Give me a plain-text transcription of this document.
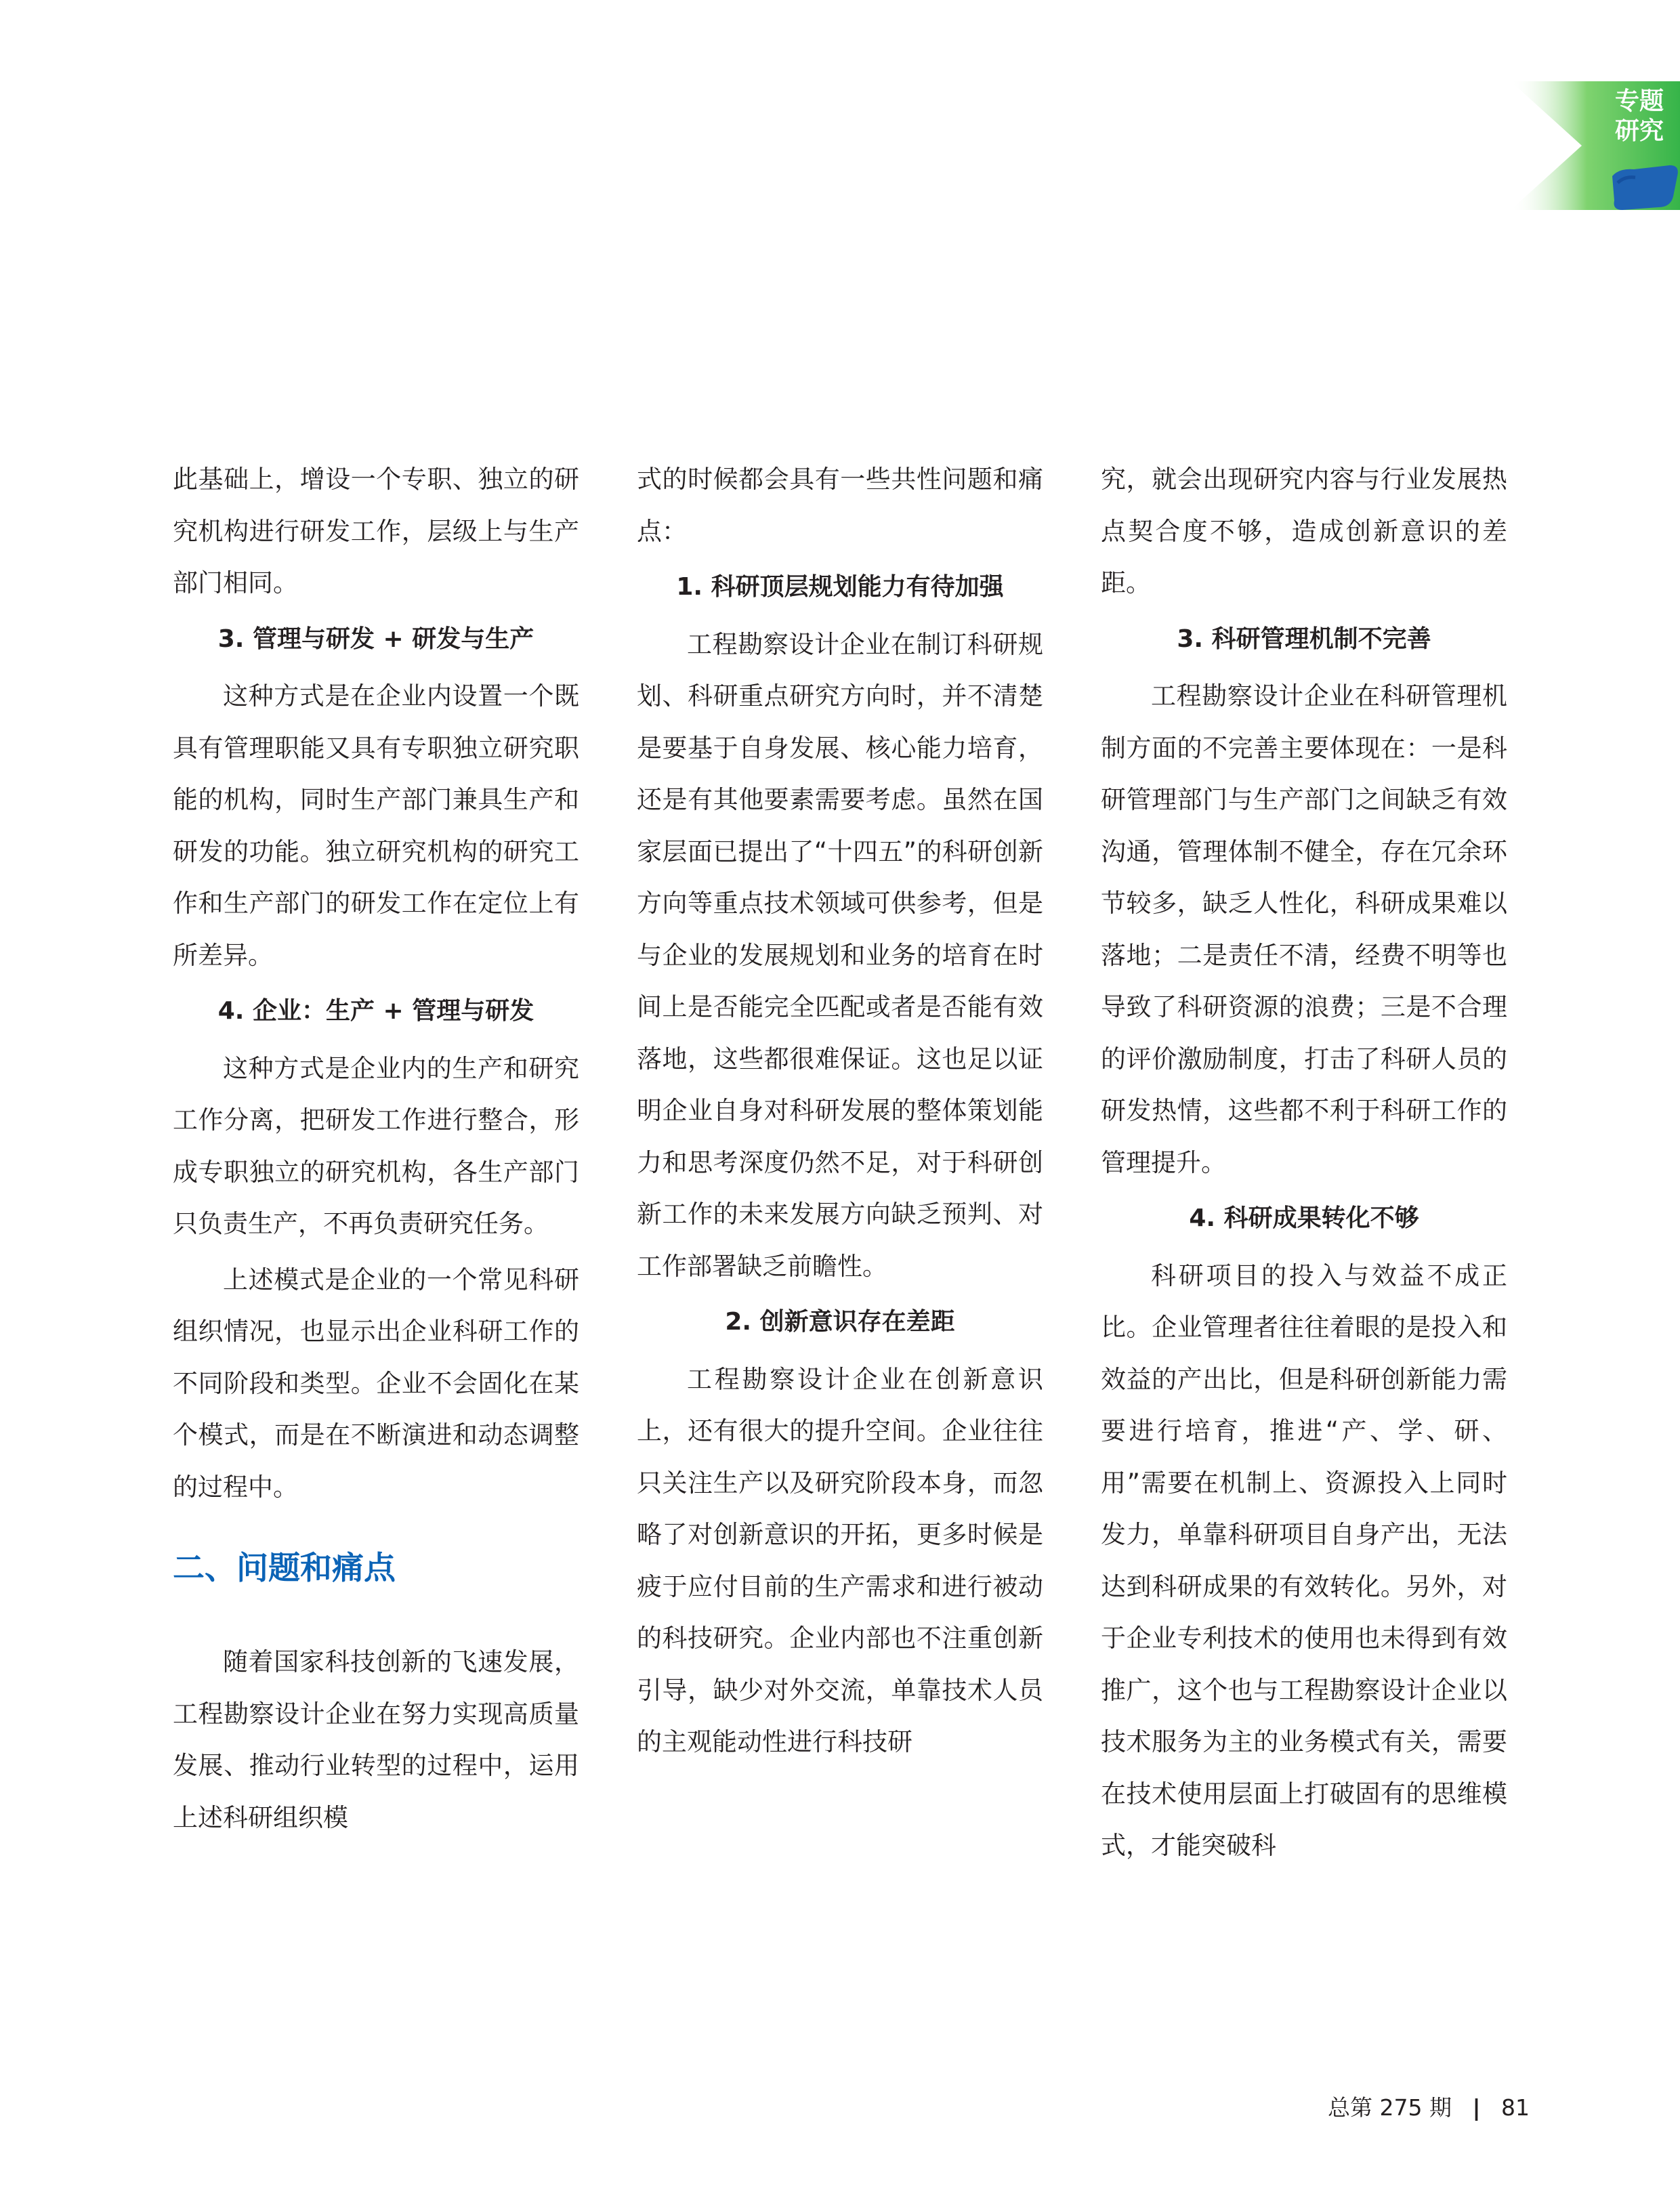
专题
研究

此基础上，增设一个专职、独立的研究机构进行研发工作，层级上与生产部门相同。

3. 管理与研发 + 研发与生产

这种方式是在企业内设置一个既具有管理职能又具有专职独立研究职能的机构，同时生产部门兼具生产和研发的功能。独立研究机构的研究工作和生产部门的研发工作在定位上有所差异。

4. 企业：生产 + 管理与研发

这种方式是企业内的生产和研究工作分离，把研发工作进行整合，形成专职独立的研究机构，各生产部门只负责生产，不再负责研究任务。

上述模式是企业的一个常见科研组织情况，也显示出企业科研工作的不同阶段和类型。企业不会固化在某个模式，而是在不断演进和动态调整的过程中。

二、问题和痛点

随着国家科技创新的飞速发展，工程勘察设计企业在努力实现高质量发展、推动行业转型的过程中，运用上述科研组织模

式的时候都会具有一些共性问题和痛点：

1. 科研顶层规划能力有待加强

工程勘察设计企业在制订科研规划、科研重点研究方向时，并不清楚是要基于自身发展、核心能力培育，还是有其他要素需要考虑。虽然在国家层面已提出了“十四五”的科研创新方向等重点技术领域可供参考，但是与企业的发展规划和业务的培育在时间上是否能完全匹配或者是否能有效落地，这些都很难保证。这也足以证明企业自身对科研发展的整体策划能力和思考深度仍然不足，对于科研创新工作的未来发展方向缺乏预判、对工作部署缺乏前瞻性。

2. 创新意识存在差距

工程勘察设计企业在创新意识上，还有很大的提升空间。企业往往只关注生产以及研究阶段本身，而忽略了对创新意识的开拓，更多时候是疲于应付目前的生产需求和进行被动的科技研究。企业内部也不注重创新引导，缺少对外交流，单靠技术人员的主观能动性进行科技研

究，就会出现研究内容与行业发展热点契合度不够，造成创新意识的差距。

3. 科研管理机制不完善

工程勘察设计企业在科研管理机制方面的不完善主要体现在：一是科研管理部门与生产部门之间缺乏有效沟通，管理体制不健全，存在冗余环节较多，缺乏人性化，科研成果难以落地；二是责任不清，经费不明等也导致了科研资源的浪费；三是不合理的评价激励制度，打击了科研人员的研发热情，这些都不利于科研工作的管理提升。

4. 科研成果转化不够

科研项目的投入与效益不成正比。企业管理者往往着眼的是投入和效益的产出比，但是科研创新能力需要进行培育，推进“产、学、研、用”需要在机制上、资源投入上同时发力，单靠科研项目自身产出，无法达到科研成果的有效转化。另外，对于企业专利技术的使用也未得到有效推广，这个也与工程勘察设计企业以技术服务为主的业务模式有关，需要在技术使用层面上打破固有的思维模式，才能突破科

总第 275 期 | 81
